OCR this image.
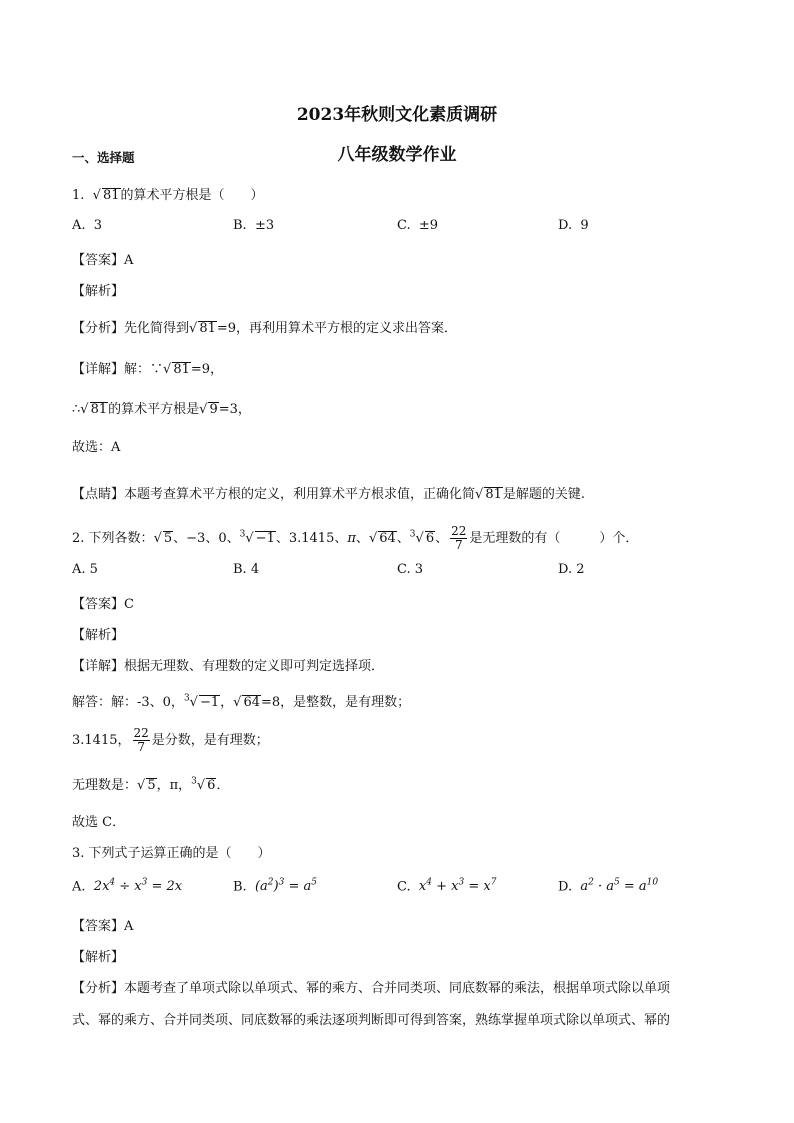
2023年秋则文化素质调研
八年级数学作业
一、选择题
1. √ 81的算术平方根是（　　）
A. 3	B. ±3	C. ±9	D. 9
【答案】A
【解析】
【分析】先化简得到√ 81=9，再利用算术平方根的定义求出答案．
【详解】解：∵√ 81=9，
∴√ 81的算术平方根是√ 9=3，
故选：A
【点睛】本题考查算术平方根的定义，利用算术平方根求值，正确化简√ 81是解题的关键.
2. 下列各数：√ 5、−3、0、$^3$√ −1、3.1415、π、√ 64、$^3$√ 6、 $\frac{22}{7}$ 是无理数的有（　　　）个．
A. 5	B. 4	C. 3	D. 2
【答案】C
【解析】
【详解】根据无理数、有理数的定义即可判定选择项．
解答：解：-3、0，$^3$√ −1，√ 64=8，是整数，是有理数；
3.1415， $\frac{22}{7}$ 是分数，是有理数；
无理数是：√ 5，π，$^3$√ 6．
故选 C．
3. 下列式子运算正确的是（　　）
A. $2x^4 \div x^3 = 2x$	B. $(a^2)^3 = a^5$	C. $x^4 + x^3 = x^7$	D. $a^2 \cdot a^5 = a^{10}$
【答案】A
【解析】
【分析】本题考查了单项式除以单项式、幂的乘方、合并同类项、同底数幂的乘法，根据单项式除以单项
式、幂的乘方、合并同类项、同底数幂的乘法逐项判断即可得到答案，熟练掌握单项式除以单项式、幂的
